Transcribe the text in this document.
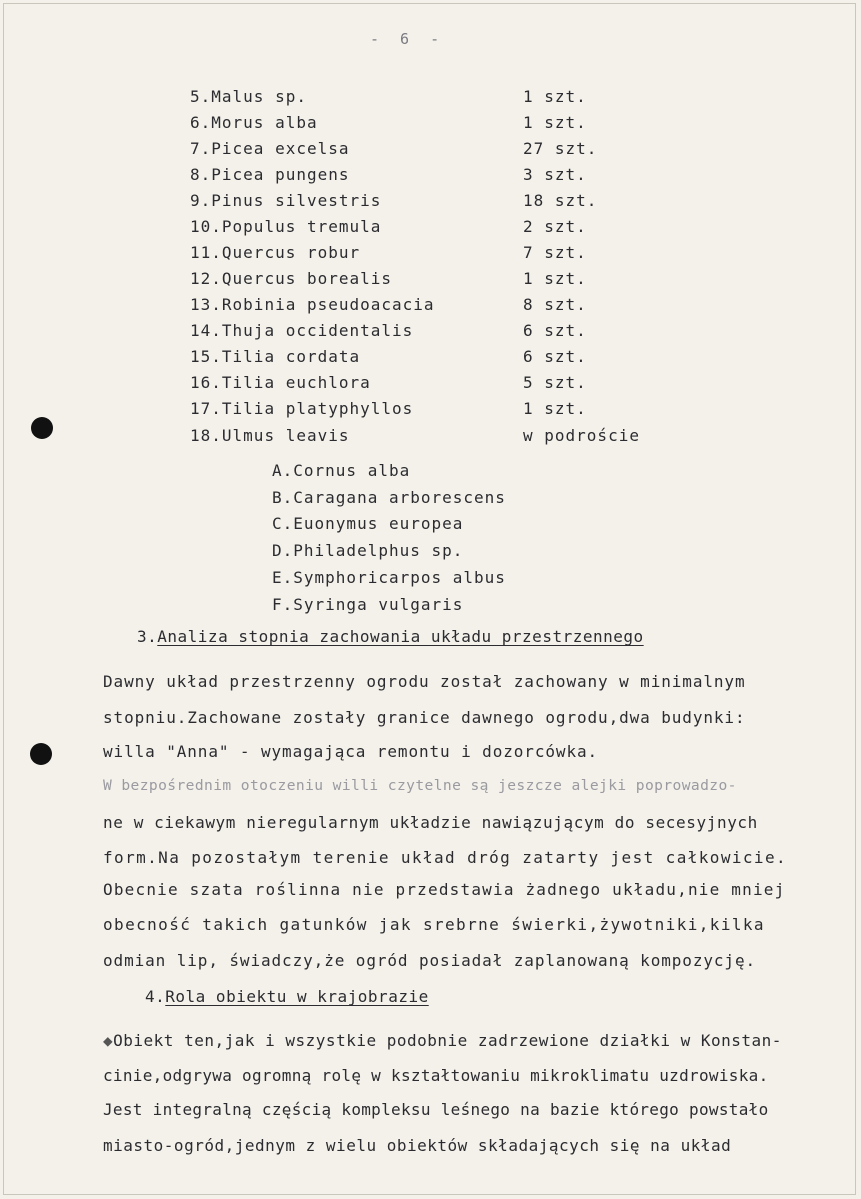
- 6 -
5.Malus sp.	1 szt.
6.Morus alba	1 szt.
7.Picea excelsa	27 szt.
8.Picea pungens	3 szt.
9.Pinus silvestris	18 szt.
10.Populus tremula	2 szt.
11.Quercus robur	7 szt.
12.Quercus borealis	1 szt.
13.Robinia pseudoacacia	8 szt.
14.Thuja occidentalis	6 szt.
15.Tilia cordata	6 szt.
16.Tilia euchlora	5 szt.
17.Tilia platyphyllos	1 szt.
18.Ulmus leavis	w podroście
A.Cornus alba
B.Caragana arborescens
C.Euonymus europea
D.Philadelphus sp.
E.Symphoricarpos albus
F.Syringa vulgaris
3.Analiza stopnia zachowania układu przestrzennego
Dawny układ przestrzenny ogrodu został zachowany w minimalnym
stopniu.Zachowane zostały granice dawnego ogrodu,dwa budynki:
willa "Anna" - wymagająca remontu i dozorcówka.
W bezpośrednim otoczeniu willi czytelne są jeszcze alejki poprowadzo-
ne w ciekawym nieregularnym układzie nawiązującym do secesyjnych
form.Na pozostałym terenie układ dróg zatarty jest całkowicie.
Obecnie szata roślinna nie przedstawia żadnego układu,nie mniej
obecność takich gatunków jak srebrne świerki,żywotniki,kilka
odmian lip, świadczy,że ogród posiadał zaplanowaną kompozycję.
4.Rola obiektu w krajobrazie
◆Obiekt ten,jak i wszystkie podobnie zadrzewione działki w Konstan-
cinie,odgrywa ogromną rolę w kształtowaniu mikroklimatu uzdrowiska.
Jest integralną częścią kompleksu leśnego na bazie którego powstało
miasto-ogród,jednym z wielu obiektów składających się na układ
